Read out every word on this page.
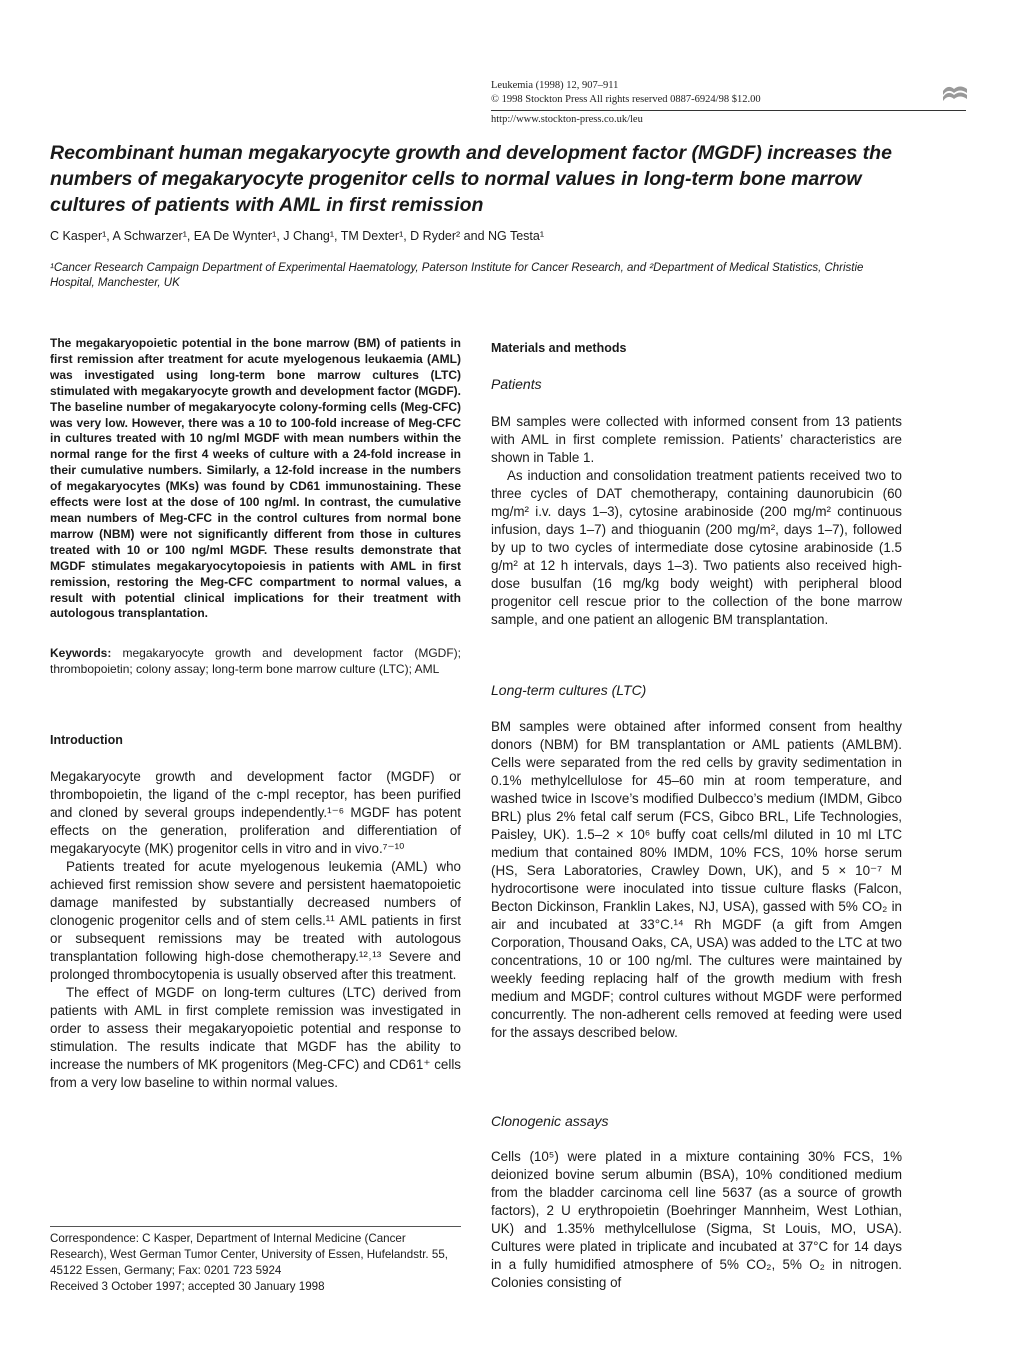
Leukemia (1998) 12, 907–911
© 1998 Stockton Press All rights reserved 0887-6924/98 $12.00
http://www.stockton-press.co.uk/leu
Recombinant human megakaryocyte growth and development factor (MGDF) increases the numbers of megakaryocyte progenitor cells to normal values in long-term bone marrow cultures of patients with AML in first remission
C Kasper¹, A Schwarzer¹, EA De Wynter¹, J Chang¹, TM Dexter¹, D Ryder² and NG Testa¹
¹Cancer Research Campaign Department of Experimental Haematology, Paterson Institute for Cancer Research, and ²Department of Medical Statistics, Christie Hospital, Manchester, UK
The megakaryopoietic potential in the bone marrow (BM) of patients in first remission after treatment for acute myelogenous leukaemia (AML) was investigated using long-term bone marrow cultures (LTC) stimulated with megakaryocyte growth and development factor (MGDF). The baseline number of megakaryocyte colony-forming cells (Meg-CFC) was very low. However, there was a 10 to 100-fold increase of Meg-CFC in cultures treated with 10 ng/ml MGDF with mean numbers within the normal range for the first 4 weeks of culture with a 24-fold increase in their cumulative numbers. Similarly, a 12-fold increase in the numbers of megakaryocytes (MKs) was found by CD61 immunostaining. These effects were lost at the dose of 100 ng/ml. In contrast, the cumulative mean numbers of Meg-CFC in the control cultures from normal bone marrow (NBM) were not significantly different from those in cultures treated with 10 or 100 ng/ml MGDF. These results demonstrate that MGDF stimulates megakaryocytopoiesis in patients with AML in first remission, restoring the Meg-CFC compartment to normal values, a result with potential clinical implications for their treatment with autologous transplantation.
Keywords: megakaryocyte growth and development factor (MGDF); thrombopoietin; colony assay; long-term bone marrow culture (LTC); AML
Introduction

Megakaryocyte growth and development factor (MGDF) or thrombopoietin, the ligand of the c-mpl receptor, has been purified and cloned by several groups independently.¹⁻⁶ MGDF has potent effects on the generation, proliferation and differentiation of megakaryocyte (MK) progenitor cells in vitro and in vivo.⁷⁻¹⁰

Patients treated for acute myelogenous leukemia (AML) who achieved first remission show severe and persistent haematopoietic damage manifested by substantially decreased numbers of clonogenic progenitor cells and of stem cells.¹¹ AML patients in first or subsequent remissions may be treated with autologous transplantation following high-dose chemotherapy.¹²˒¹³ Severe and prolonged thrombocytopenia is usually observed after this treatment.

The effect of MGDF on long-term cultures (LTC) derived from patients with AML in first complete remission was investigated in order to assess their megakaryopoietic potential and response to stimulation. The results indicate that MGDF has the ability to increase the numbers of MK progenitors (Meg-CFC) and CD61⁺ cells from a very low baseline to within normal values.

Correspondence: C Kasper, Department of Internal Medicine (Cancer Research), West German Tumor Center, University of Essen, Hufelandstr. 55, 45122 Essen, Germany; Fax: 0201 723 5924
Received 3 October 1997; accepted 30 January 1998
Materials and methods
Patients

BM samples were collected with informed consent from 13 patients with AML in first complete remission. Patients’ characteristics are shown in Table 1.

As induction and consolidation treatment patients received two to three cycles of DAT chemotherapy, containing daunorubicin (60 mg/m² i.v. days 1–3), cytosine arabinoside (200 mg/m² continuous infusion, days 1–7) and thioguanin (200 mg/m², days 1–7), followed by up to two cycles of intermediate dose cytosine arabinoside (1.5 g/m² at 12 h intervals, days 1–3). Two patients also received high-dose busulfan (16 mg/kg body weight) with peripheral blood progenitor cell rescue prior to the collection of the bone marrow sample, and one patient an allogenic BM transplantation.

Long-term cultures (LTC)

BM samples were obtained after informed consent from healthy donors (NBM) for BM transplantation or AML patients (AMLBM). Cells were separated from the red cells by gravity sedimentation in 0.1% methylcellulose for 45–60 min at room temperature, and washed twice in Iscove’s modified Dulbecco’s medium (IMDM, Gibco BRL) plus 2% fetal calf serum (FCS, Gibco BRL, Life Technologies, Paisley, UK). 1.5–2 × 10⁶ buffy coat cells/ml diluted in 10 ml LTC medium that contained 80% IMDM, 10% FCS, 10% horse serum (HS, Sera Laboratories, Crawley Down, UK), and 5 × 10⁻⁷ M hydrocortisone were inoculated into tissue culture flasks (Falcon, Becton Dickinson, Franklin Lakes, NJ, USA), gassed with 5% CO₂ in air and incubated at 33°C.¹⁴ Rh MGDF (a gift from Amgen Corporation, Thousand Oaks, CA, USA) was added to the LTC at two concentrations, 10 or 100 ng/ml. The cultures were maintained by weekly feeding replacing half of the growth medium with fresh medium and MGDF; control cultures without MGDF were performed concurrently. The non-adherent cells removed at feeding were used for the assays described below.

Clonogenic assays

Cells (10⁵) were plated in a mixture containing 30% FCS, 1% deionized bovine serum albumin (BSA), 10% conditioned medium from the bladder carcinoma cell line 5637 (as a source of growth factors), 2 U erythropoietin (Boehringer Mannheim, West Lothian, UK) and 1.35% methylcellulose (Sigma, St Louis, MO, USA). Cultures were plated in triplicate and incubated at 37°C for 14 days in a fully humidified atmosphere of 5% CO₂, 5% O₂ in nitrogen. Colonies consisting of
